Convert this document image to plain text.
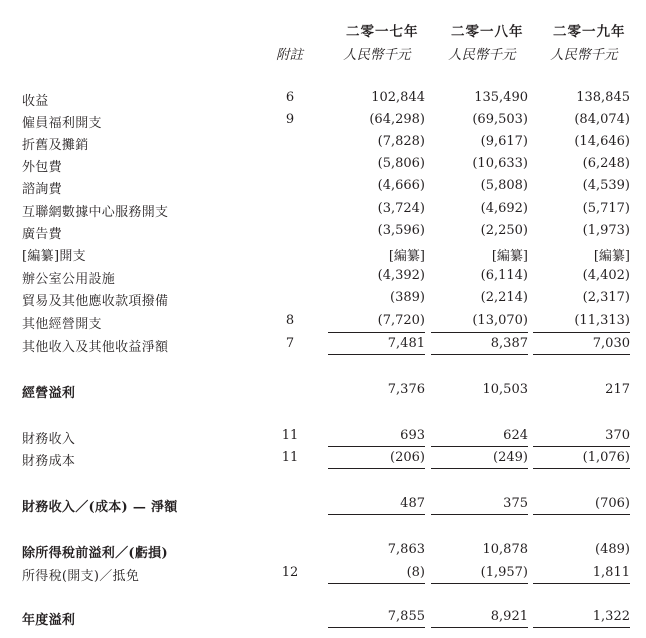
二零一七年 二零一八年 二零一九年
附註	人民幣千元	人民幣千元	人民幣千元
收益	6	102,844	135,490	138,845
僱員福利開支	9	(64,298)	(69,503)	(84,074)
折舊及攤銷	(7,828)	(9,617)	(14,646)
外包費	(5,806)	(10,633)	(6,248)
諮詢費	(4,666)	(5,808)	(4,539)
互聯網數據中心服務開支	(3,724)	(4,692)	(5,717)
廣告費	(3,596)	(2,250)	(1,973)
[編纂]開支	[編纂]	[編纂]	[編纂]
辦公室公用設施	(4,392)	(6,114)	(4,402)
貿易及其他應收款項撥備	(389)	(2,214)	(2,317)
其他經營開支	8	(7,720)	(13,070)	(11,313)
其他收入及其他收益淨額	7	7,481	8,387	7,030
經營溢利	7,376	10,503	217
財務收入	11	693	624	370
財務成本	11	(206)	(249)	(1,076)
財務收入／(成本) — 淨額	487	375	(706)
除所得稅前溢利／(虧損)	7,863	10,878	(489)
所得稅(開支)／抵免	12	(8)	(1,957)	1,811
年度溢利	7,855	8,921	1,322
